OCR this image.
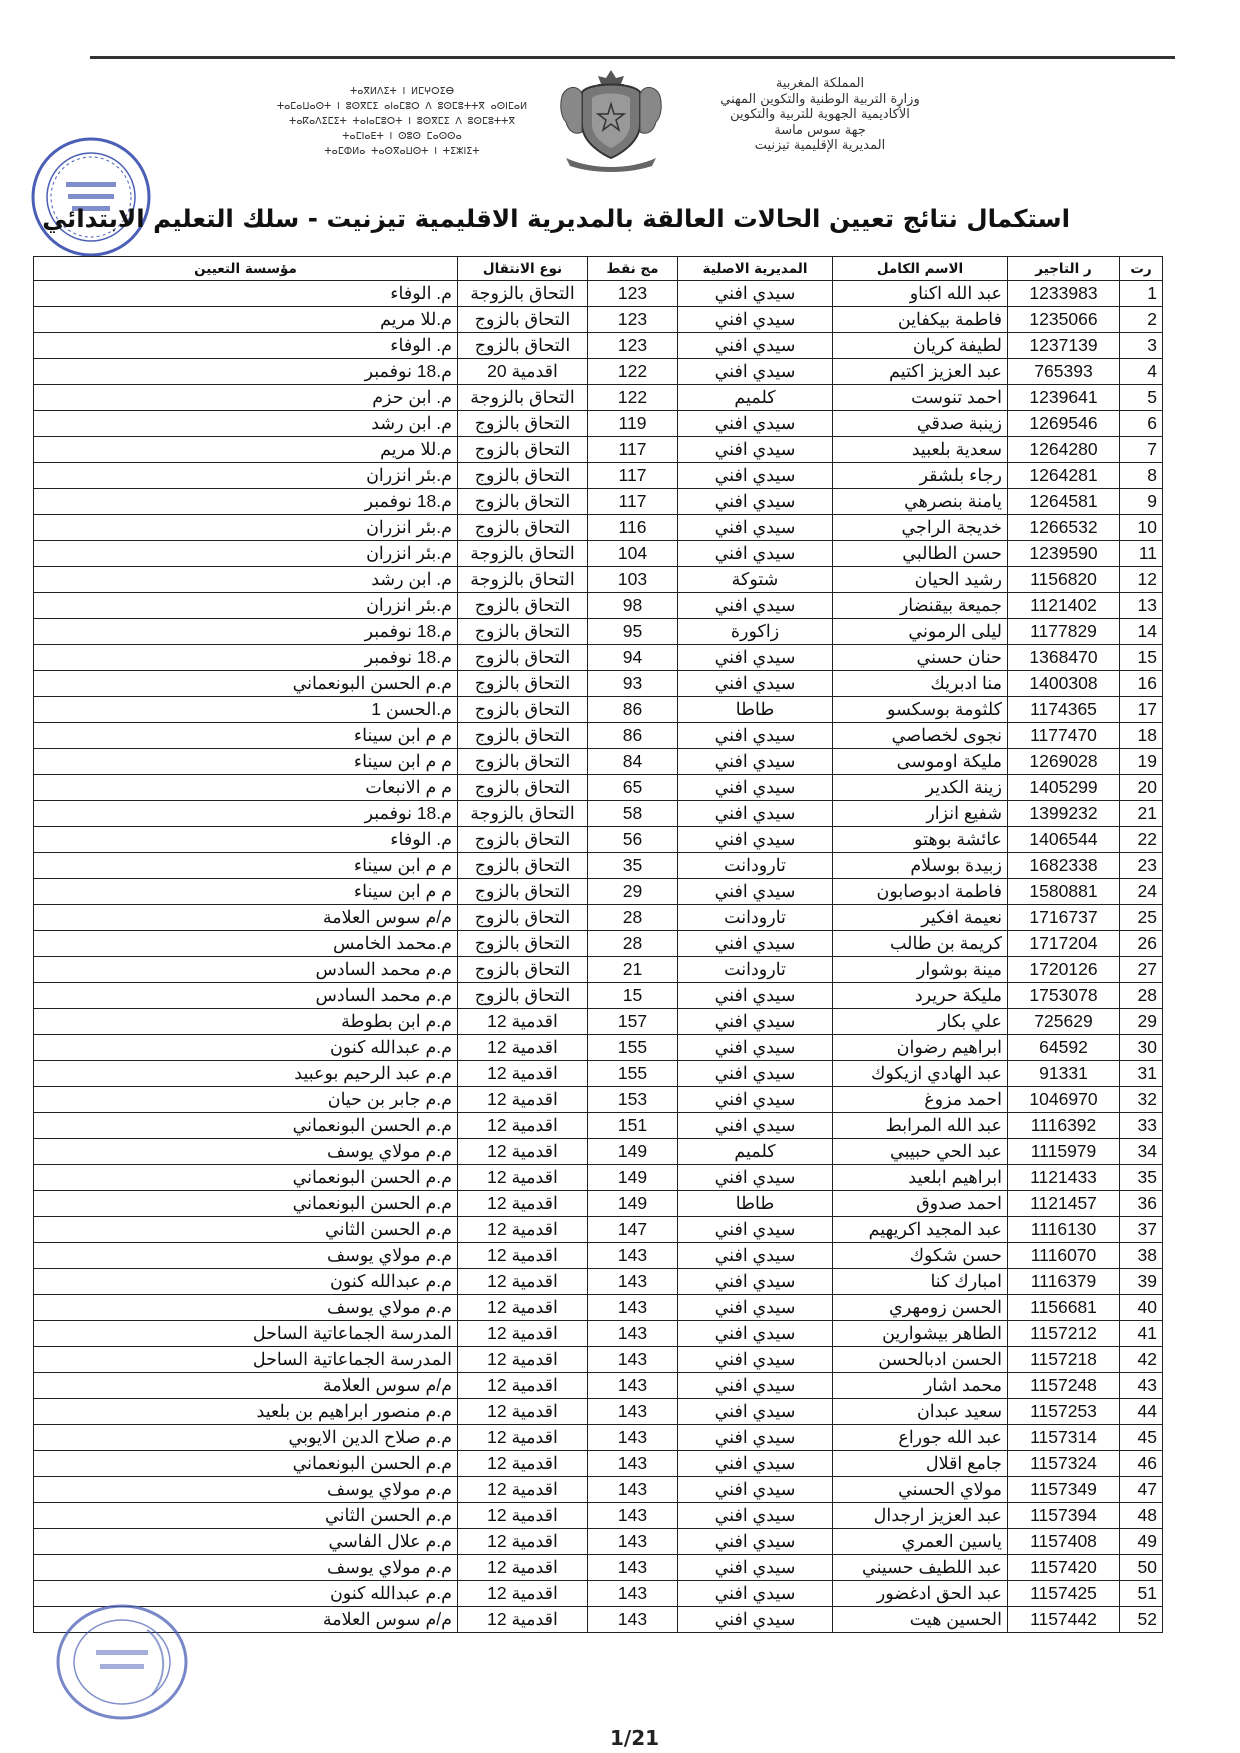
المملكة المغربية
وزارة التربية الوطنية والتكوين المهني
الأكاديمية الجهوية للتربية والتكوين
جهة سوس ماسة
المديرية الإقليمية تيزنيت
ⵜⴰⴳⵍⴷⵉⵜ ⵏ ⵍⵎⵖⵔⵉⴱ
ⵜⴰⵎⴰⵡⴰⵙⵜ ⵏ ⵓⵙⴳⵎⵉ ⴰⵏⴰⵎⵓⵔ ⴷ ⵓⵙⵎⵓⵜⵜⴳ ⴰⵙⵏⵎⴰⵍ
ⵜⴰⴽⴰⴷⵉⵎⵉⵜ ⵜⴰⵏⴰⵎⵓⵔⵜ ⵏ ⵓⵙⴳⵎⵉ ⴷ ⵓⵙⵎⵓⵜⵜⴳ
ⵜⴰⵎⵏⴰⴹⵜ ⵏ ⵙⵓⵙ ⵎⴰⵙⵙⴰ
ⵜⴰⵎⵀⵍⴰ ⵜⴰⵙⴳⴰⵡⵙⵜ ⵏ ⵜⵉⵣⵏⵉⵜ
استكمال نتائج تعيين الحالات العالقة بالمديرية الاقليمية تيزنيت - سلك التعليم الابتدائي
رت	ر التاجير	الاسم الكامل	المديرية الاصلية	مج نقط	نوع الانتقال	مؤسسة التعيين
1	1233983	عبد الله اكناو	سيدي افني	123	التحاق بالزوجة	م. الوفاء
2	1235066	فاطمة بيكفاين	سيدي افني	123	التحاق بالزوج	م.للا مريم
3	1237139	لطيفة كريان	سيدي افني	123	التحاق بالزوج	م. الوفاء
4	765393	عبد العزيز اكتيم	سيدي افني	122	اقدمية 20	م.18 نوفمبر
5	1239641	احمد تنوست	كلميم	122	التحاق بالزوجة	م. ابن حزم
6	1269546	زينبة صدقي	سيدي افني	119	التحاق بالزوج	م. ابن رشد
7	1264280	سعدية بلعبيد	سيدي افني	117	التحاق بالزوج	م.للا مريم
8	1264281	رجاء بلشقر	سيدي افني	117	التحاق بالزوج	م.بئر انزران
9	1264581	يامنة بنصرهي	سيدي افني	117	التحاق بالزوج	م.18 نوفمبر
10	1266532	خديجة الراجي	سيدي افني	116	التحاق بالزوج	م.بئر انزران
11	1239590	حسن الطالبي	سيدي افني	104	التحاق بالزوجة	م.بئر انزران
12	1156820	رشيد الحيان	شتوكة	103	التحاق بالزوجة	م. ابن رشد
13	1121402	جميعة بيقنضار	سيدي افني	98	التحاق بالزوج	م.بئر انزران
14	1177829	ليلى الرموني	زاكورة	95	التحاق بالزوج	م.18 نوفمبر
15	1368470	حنان حسني	سيدي افني	94	التحاق بالزوج	م.18 نوفمبر
16	1400308	منا ادبريك	سيدي افني	93	التحاق بالزوج	م.م الحسن البونعماني
17	1174365	كلثومة بوسكسو	طاطا	86	التحاق بالزوج	م.الحسن 1
18	1177470	نجوى لخصاصي	سيدي افني	86	التحاق بالزوج	م م ابن سيناء
19	1269028	مليكة اوموسى	سيدي افني	84	التحاق بالزوج	م م ابن سيناء
20	1405299	زينة الكدير	سيدي افني	65	التحاق بالزوج	م م الانبعات
21	1399232	شفيع انزار	سيدي افني	58	التحاق بالزوجة	م.18 نوفمبر
22	1406544	عائشة بوهتو	سيدي افني	56	التحاق بالزوج	م. الوفاء
23	1682338	زبيدة بوسلام	تارودانت	35	التحاق بالزوج	م م ابن سيناء
24	1580881	فاطمة ادبوصابون	سيدي افني	29	التحاق بالزوج	م م ابن سيناء
25	1716737	نعيمة افكير	تارودانت	28	التحاق بالزوج	م/م سوس العلامة
26	1717204	كريمة بن طالب	سيدي افني	28	التحاق بالزوج	م.محمد الخامس
27	1720126	مينة بوشوار	تارودانت	21	التحاق بالزوج	م.م محمد السادس
28	1753078	مليكة حريرد	سيدي افني	15	التحاق بالزوج	م.م محمد السادس
29	725629	علي بكار	سيدي افني	157	اقدمية 12	م.م ابن بطوطة
30	64592	ابراهيم رضوان	سيدي افني	155	اقدمية 12	م.م عبدالله كنون
31	91331	عبد الهادي ازيكوك	سيدي افني	155	اقدمية 12	م.م عبد الرحيم بوعبيد
32	1046970	احمد مزوغ	سيدي افني	153	اقدمية 12	م.م جابر بن حيان
33	1116392	عبد الله المرابط	سيدي افني	151	اقدمية 12	م.م الحسن البونعماني
34	1115979	عبد الحي حبيبي	كلميم	149	اقدمية 12	م.م مولاي يوسف
35	1121433	ابراهيم ابلعيد	سيدي افني	149	اقدمية 12	م.م الحسن البونعماني
36	1121457	احمد صدوق	طاطا	149	اقدمية 12	م.م الحسن البونعماني
37	1116130	عبد المجيد اكريهيم	سيدي افني	147	اقدمية 12	م.م الحسن الثاني
38	1116070	حسن شكوك	سيدي افني	143	اقدمية 12	م.م مولاي يوسف
39	1116379	امبارك كنا	سيدي افني	143	اقدمية 12	م.م عبدالله كنون
40	1156681	الحسن زومهري	سيدي افني	143	اقدمية 12	م.م مولاي يوسف
41	1157212	الطاهر بيشوارين	سيدي افني	143	اقدمية 12	المدرسة الجماعاتية الساحل
42	1157218	الحسن ادبالحسن	سيدي افني	143	اقدمية 12	المدرسة الجماعاتية الساحل
43	1157248	محمد اشار	سيدي افني	143	اقدمية 12	م/م سوس العلامة
44	1157253	سعيد عبدان	سيدي افني	143	اقدمية 12	م.م منصور ابراهيم بن بلعيد
45	1157314	عبد الله جوراع	سيدي افني	143	اقدمية 12	م.م صلاح الدين الايوبي
46	1157324	جامع اقلال	سيدي افني	143	اقدمية 12	م.م الحسن البونعماني
47	1157349	مولاي الحسني	سيدي افني	143	اقدمية 12	م.م مولاي يوسف
48	1157394	عبد العزيز ارجدال	سيدي افني	143	اقدمية 12	م.م الحسن الثاني
49	1157408	ياسين العمري	سيدي افني	143	اقدمية 12	م.م علال الفاسي
50	1157420	عبد اللطيف حسيني	سيدي افني	143	اقدمية 12	م.م مولاي يوسف
51	1157425	عبد الحق ادغضور	سيدي افني	143	اقدمية 12	م.م عبدالله كنون
52	1157442	الحسين هيت	سيدي افني	143	اقدمية 12	م/م سوس العلامة
1/21
